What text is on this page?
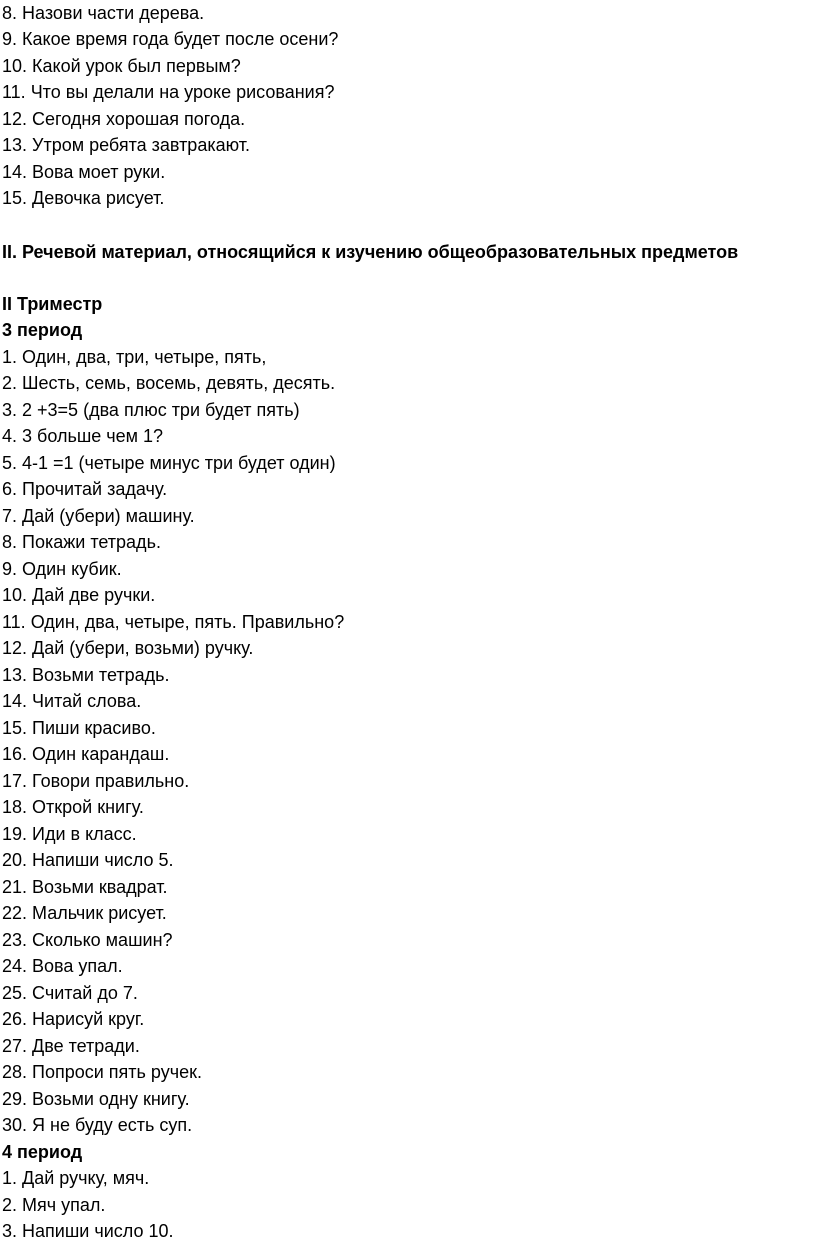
8. Назови части дерева.
9. Какое время года будет после осени?
10. Какой урок был первым?
11. Что вы делали на уроке рисования?
12. Сегодня хорошая погода.
13. Утром ребята завтракают.
14. Вова моет руки.
15. Девочка рисует.
II. Речевой материал, относящийся к изучению общеобразовательных предметов
II Триместр
3 период
1. Один, два, три, четыре, пять,
2. Шесть, семь, восемь, девять, десять.
3. 2 +3=5 (два плюс три будет пять)
4. 3 больше чем 1?
5. 4-1 =1 (четыре минус три будет один)
6. Прочитай задачу.
7. Дай (убери) машину.
8. Покажи тетрадь.
9. Один кубик.
10. Дай две ручки.
11. Один, два, четыре, пять. Правильно?
12. Дай (убери, возьми) ручку.
13. Возьми тетрадь.
14. Читай слова.
15. Пиши красиво.
16. Один карандаш.
17. Говори правильно.
18. Открой книгу.
19. Иди в класс.
20. Напиши число 5.
21. Возьми квадрат.
22. Мальчик рисует.
23. Сколько машин?
24. Вова упал.
25. Считай до 7.
26. Нарисуй круг.
27. Две тетради.
28. Попроси пять ручек.
29. Возьми одну книгу.
30. Я не буду есть суп.
4 период
1. Дай ручку, мяч.
2. Мяч упал.
3. Напиши число 10.
